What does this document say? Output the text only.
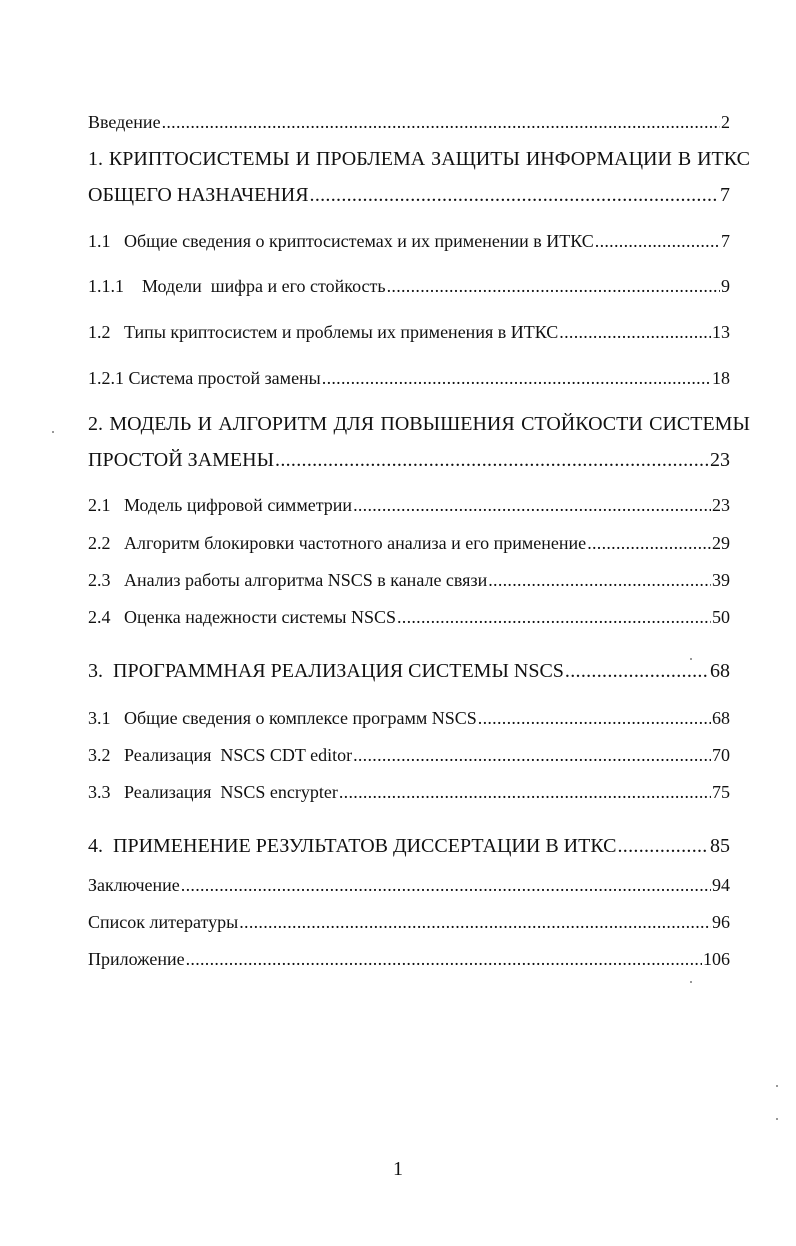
Введение .....	2
1. КРИПТОСИСТЕМЫ И ПРОБЛЕМА ЗАЩИТЫ ИНФОРМАЦИИ В ИТКС
ОБЩЕГО НАЗНАЧЕНИЯ .....	7
1.1   Общие сведения о криптосистемах и их применении в ИТКС .....	7
1.1.1    Модели  шифра и его стойкость .....	9
1.2   Типы криптосистем и проблемы их применения в ИТКС .....	13
1.2.1 Система простой замены .....	18
2. МОДЕЛЬ И АЛГОРИТМ ДЛЯ ПОВЫШЕНИЯ СТОЙКОСТИ СИСТЕМЫ
ПРОСТОЙ ЗАМЕНЫ .....	23
2.1   Модель цифровой симметрии .....	23
2.2   Алгоритм блокировки частотного анализа и его применение .....	29
2.3   Анализ работы алгоритма NSCS в канале связи .....	39
2.4   Оценка надежности системы NSCS .....	50
3.  ПРОГРАММНАЯ РЕАЛИЗАЦИЯ СИСТЕМЫ NSCS .....	68
3.1   Общие сведения о комплексе программ NSCS .....	68
3.2   Реализация  NSCS CDT editor .....	70
3.3   Реализация  NSCS encrypter .....	75
4.  ПРИМЕНЕНИЕ РЕЗУЛЬТАТОВ ДИССЕРТАЦИИ В ИТКС .....	85
Заключение .....	94
Список литературы .....	96
Приложение .....	106
1
